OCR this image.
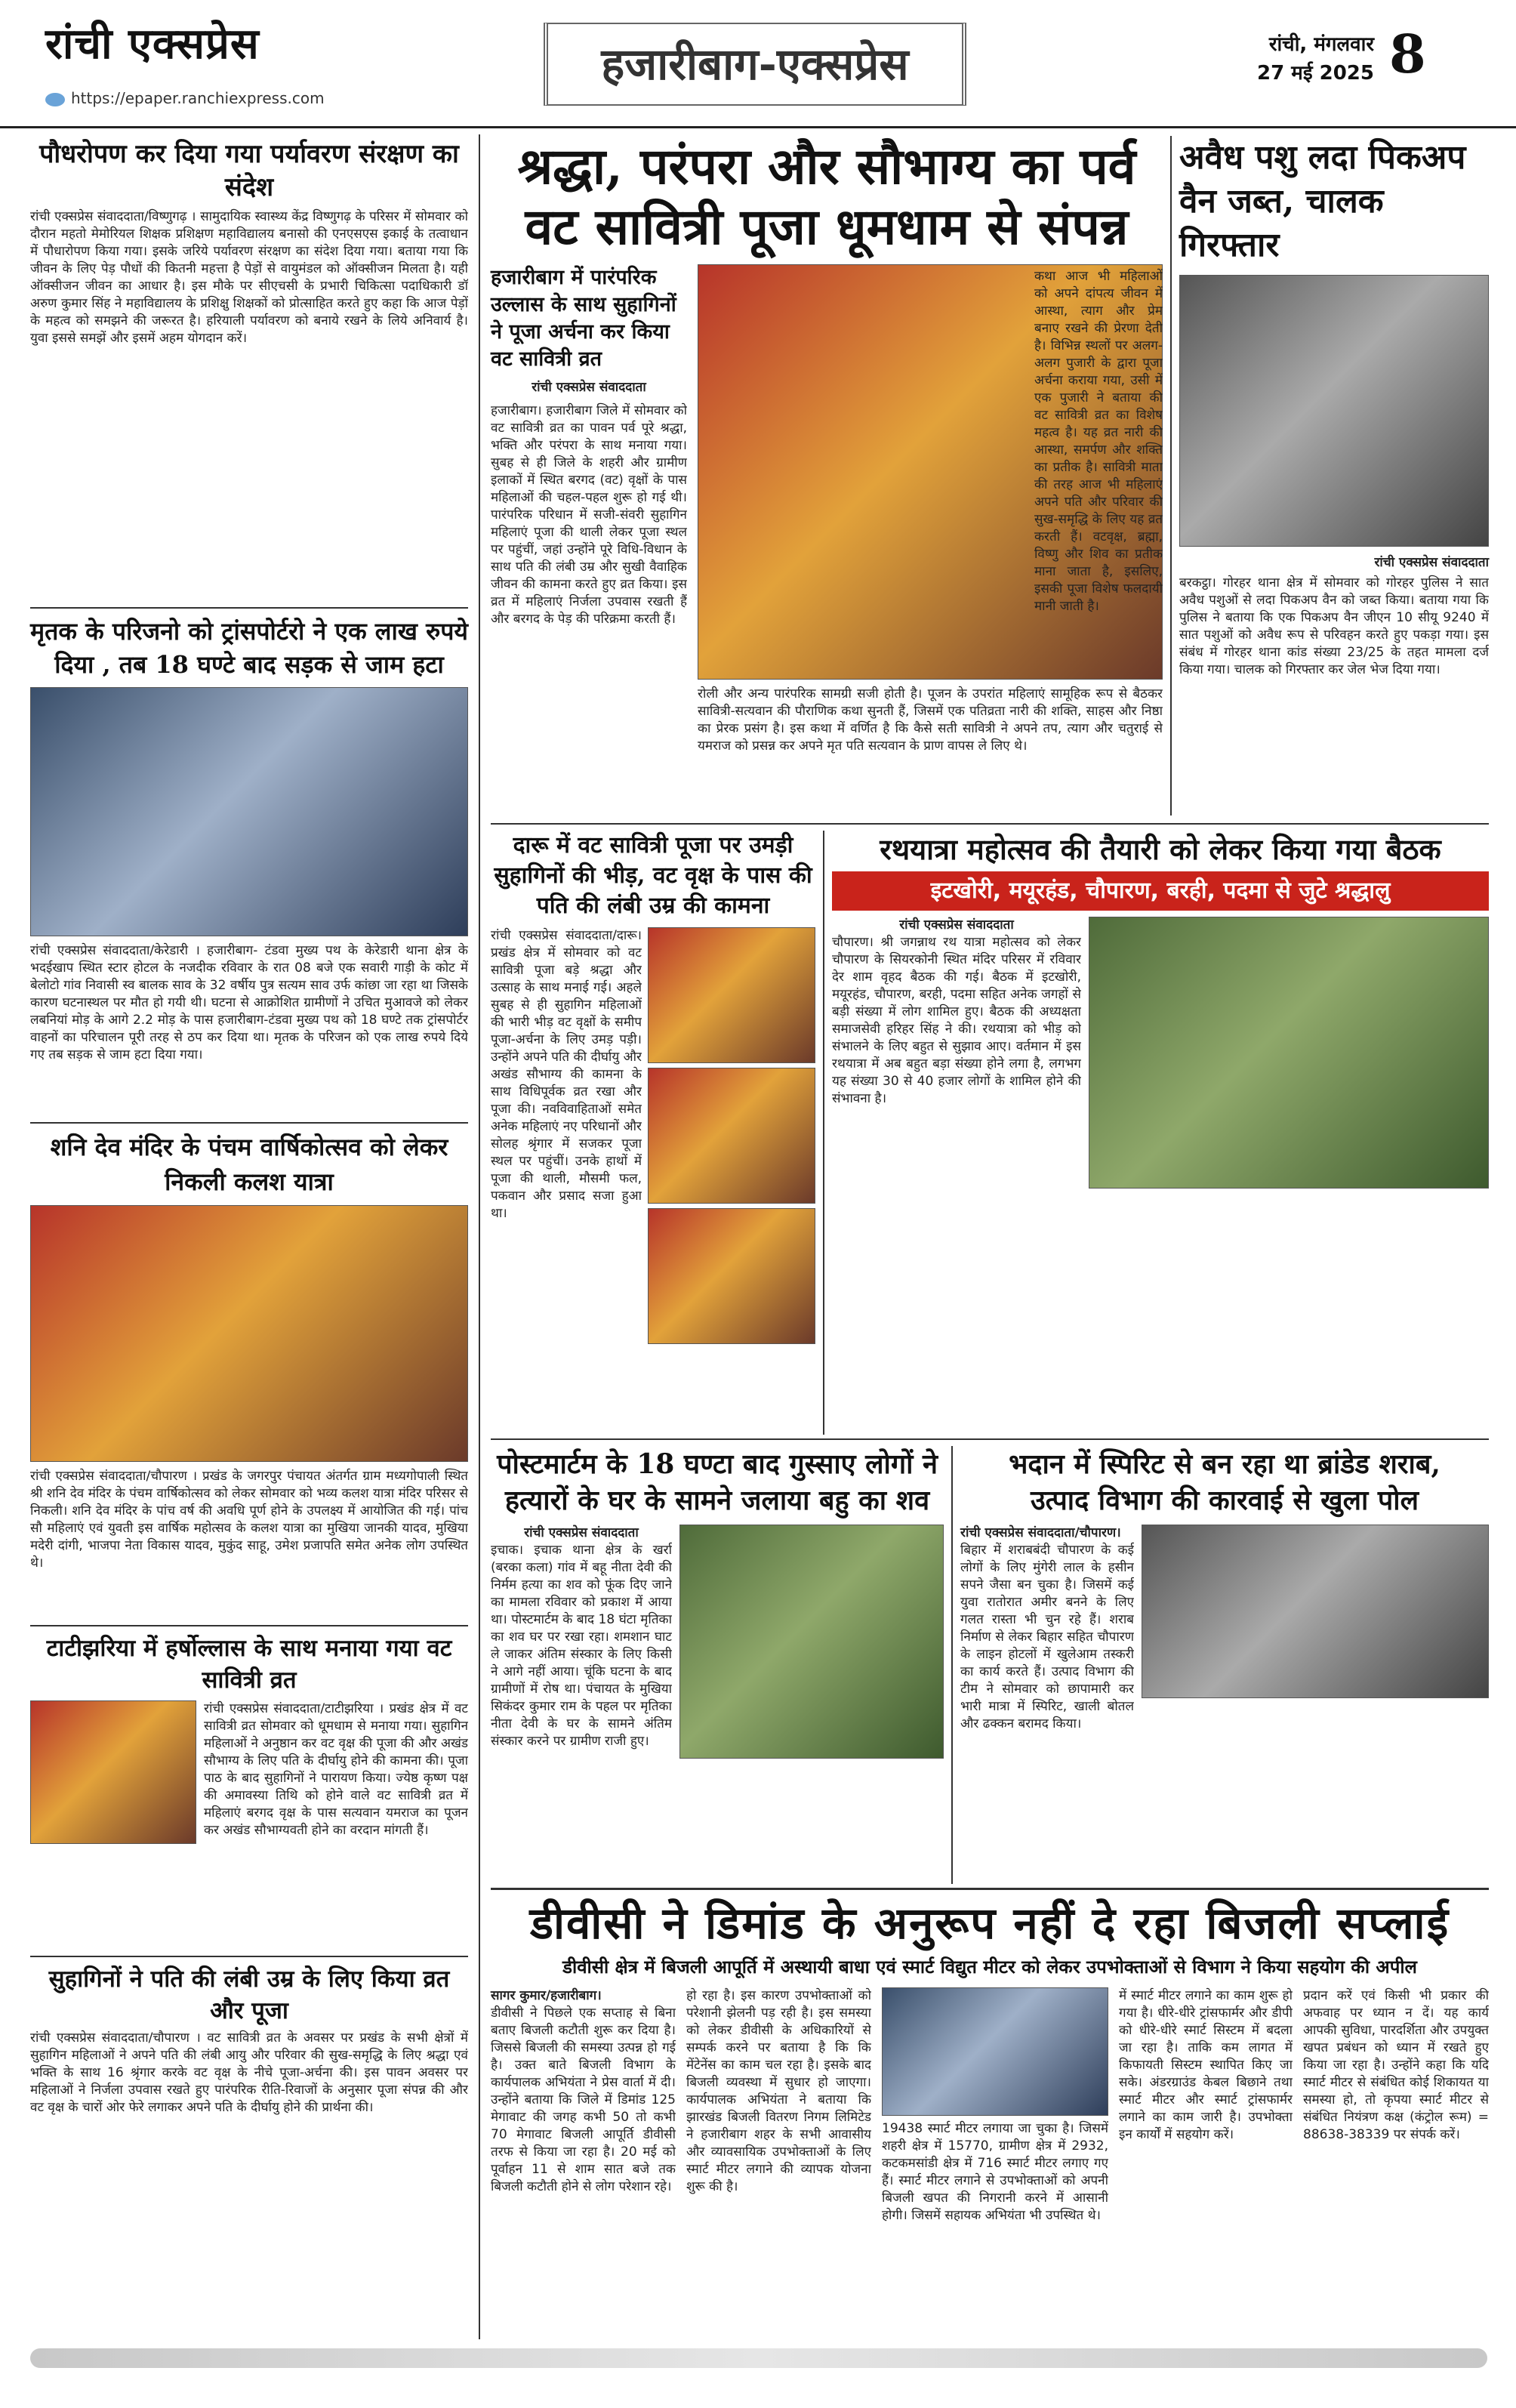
रांची एक्सप्रेस
https://epaper.ranchiexpress.com
हजारीबाग-एक्सप्रेस	रांची, मंगलवार
27 मई 2025 8
पौधरोपण कर दिया गया पर्यावरण संरक्षण का संदेश
रांची एक्सप्रेस संवाददाता/विष्णुगढ़ । सामुदायिक स्वास्थ्य केंद्र विष्णुगढ़ के परिसर में सोमवार को दौरान महतो मेमोरियल शिक्षक प्रशिक्षण महाविद्यालय बनासो की एनएसएस इकाई के तत्वाधान में पौधारोपण किया गया। इसके जरिये पर्यावरण संरक्षण का संदेश दिया गया। बताया गया कि जीवन के लिए पेड़ पौधों की कितनी महत्ता है पेड़ों से वायुमंडल को ऑक्सीजन मिलता है। यही ऑक्सीजन जीवन का आधार है। इस मौके पर सीएचसी के प्रभारी चिकित्सा पदाधिकारी डॉ अरुण कुमार सिंह ने महाविद्यालय के प्रशिक्षु शिक्षकों को प्रोत्साहित करते हुए कहा कि आज पेड़ों के महत्व को समझने की जरूरत है। हरियाली पर्यावरण को बनाये रखने के लिये अनिवार्य है। युवा इससे समझें और इसमें अहम योगदान करें।
मृतक के परिजनो को ट्रांसपोर्टरो ने एक लाख रुपये दिया , तब 18 घण्टे बाद सड़क से जाम हटा
रांची एक्सप्रेस संवाददाता/केरेडारी । हजारीबाग- टंडवा मुख्य पथ के केरेडारी थाना क्षेत्र के भदईखाप स्थित स्टार होटल के नजदीक रविवार के रात 08 बजे एक सवारी गाड़ी के कोट में बेलोटो गांव निवासी स्व बालक साव के 32 वर्षीय पुत्र सत्यम साव उर्फ कांछा जा रहा था जिसके कारण घटनास्थल पर मौत हो गयी थी। घटना से आक्रोशित ग्रामीणों ने उचित मुआवजे को लेकर लबनियां मोड़ के आगे 2.2 मोड़ के पास हजारीबाग-टंडवा मुख्य पथ को 18 घण्टे तक ट्रांसपोर्टर वाहनों का परिचालन पूरी तरह से ठप कर दिया था। मृतक के परिजन को एक लाख रुपये दिये गए तब सड़क से जाम हटा दिया गया।
शनि देव मंदिर के पंचम वार्षिकोत्सव को लेकर निकली कलश यात्रा
रांची एक्सप्रेस संवाददाता/चौपारण । प्रखंड के जगरपुर पंचायत अंतर्गत ग्राम मध्यगोपाली स्थित श्री शनि देव मंदिर के पंचम वार्षिकोत्सव को लेकर सोमवार को भव्य कलश यात्रा मंदिर परिसर से निकली। शनि देव मंदिर के पांच वर्ष की अवधि पूर्ण होने के उपलक्ष्य में आयोजित की गई। पांच सौ महिलाएं एवं युवती इस वार्षिक महोत्सव के कलश यात्रा का मुखिया जानकी यादव, मुखिया मदेरी दांगी, भाजपा नेता विकास यादव, मुकुंद साहू, उमेश प्रजापति समेत अनेक लोग उपस्थित थे।
टाटीझरिया में हर्षोल्लास के साथ मनाया गया वट सावित्री व्रत
रांची एक्सप्रेस संवाददाता/टाटीझरिया । प्रखंड क्षेत्र में वट सावित्री व्रत सोमवार को धूमधाम से मनाया गया। सुहागिन महिलाओं ने अनुष्ठान कर वट वृक्ष की पूजा की और अखंड सौभाग्य के लिए पति के दीर्घायु होने की कामना की। पूजा पाठ के बाद सुहागिनों ने पारायण किया। ज्येष्ठ कृष्ण पक्ष की अमावस्या तिथि को होने वाले वट सावित्री व्रत में महिलाएं बरगद वृक्ष के पास सत्यवान यमराज का पूजन कर अखंड सौभाग्यवती होने का वरदान मांगती हैं।
सुहागिनों ने पति की लंबी उम्र के लिए किया व्रत और पूजा
रांची एक्सप्रेस संवाददाता/चौपारण । वट सावित्री व्रत के अवसर पर प्रखंड के सभी क्षेत्रों में सुहागिन महिलाओं ने अपने पति की लंबी आयु और परिवार की सुख-समृद्धि के लिए श्रद्धा एवं भक्ति के साथ 16 श्रृंगार करके वट वृक्ष के नीचे पूजा-अर्चना की। इस पावन अवसर पर महिलाओं ने निर्जला उपवास रखते हुए पारंपरिक रीति-रिवाजों के अनुसार पूजा संपन्न की और वट वृक्ष के चारों ओर फेरे लगाकर अपने पति के दीर्घायु होने की प्रार्थना की।
श्रद्धा, परंपरा और सौभाग्य का पर्व
वट सावित्री पूजा धूमधाम से संपन्न
हजारीबाग में पारंपरिक उल्लास के साथ सुहागिनों ने पूजा अर्चना कर किया वट सावित्री व्रत
रांची एक्सप्रेस संवाददाता
हजारीबाग। हजारीबाग जिले में सोमवार को वट सावित्री व्रत का पावन पर्व पूरे श्रद्धा, भक्ति और परंपरा के साथ मनाया गया। सुबह से ही जिले के शहरी और ग्रामीण इलाकों में स्थित बरगद (वट) वृक्षों के पास महिलाओं की चहल-पहल शुरू हो गई थी। पारंपरिक परिधान में सजी-संवरी सुहागिन महिलाएं पूजा की थाली लेकर पूजा स्थल पर पहुंचीं, जहां उन्होंने पूरे विधि-विधान के साथ पति की लंबी उम्र और सुखी वैवाहिक जीवन की कामना करते हुए व्रत किया। इस व्रत में महिलाएं निर्जला उपवास रखती हैं और बरगद के पेड़ की परिक्रमा करती हैं।
रोली और अन्य पारंपरिक सामग्री सजी होती है। पूजन के उपरांत महिलाएं सामूहिक रूप से बैठकर सावित्री-सत्यवान की पौराणिक कथा सुनती हैं, जिसमें एक पतिव्रता नारी की शक्ति, साहस और निष्ठा का प्रेरक प्रसंग है। इस कथा में वर्णित है कि कैसे सती सावित्री ने अपने तप, त्याग और चतुराई से यमराज को प्रसन्न कर अपने मृत पति सत्यवान के प्राण वापस ले लिए थे।
कथा आज भी महिलाओं को अपने दांपत्य जीवन में आस्था, त्याग और प्रेम बनाए रखने की प्रेरणा देती है। विभिन्न स्थलों पर अलग-अलग पुजारी के द्वारा पूजा अर्चना कराया गया, उसी में एक पुजारी ने बताया की वट सावित्री व्रत का विशेष महत्व है। यह व्रत नारी की आस्था, समर्पण और शक्ति का प्रतीक है। सावित्री माता की तरह आज भी महिलाएं अपने पति और परिवार की सुख-समृद्धि के लिए यह व्रत करती हैं। वटवृक्ष, ब्रह्मा, विष्णु और शिव का प्रतीक माना जाता है, इसलिए, इसकी पूजा विशेष फलदायी मानी जाती है।
अवैध पशु लदा पिकअप
वैन जब्त, चालक गिरफ्तार
रांची एक्सप्रेस संवाददाता
बरकट्ठा। गोरहर थाना क्षेत्र में सोमवार को गोरहर पुलिस ने सात अवैध पशुओं से लदा पिकअप वैन को जब्त किया। बताया गया कि पुलिस ने बताया कि एक पिकअप वैन जीएन 10 सीयू 9240 में सात पशुओं को अवैध रूप से परिवहन करते हुए पकड़ा गया। इस संबंध में गोरहर थाना कांड संख्या 23/25 के तहत मामला दर्ज किया गया। चालक को गिरफ्तार कर जेल भेज दिया गया।
दारू में वट सावित्री पूजा पर उमड़ी सुहागिनों की भीड़, वट वृक्ष के पास की पति की लंबी उम्र की कामना
रांची एक्सप्रेस संवाददाता/दारू। प्रखंड क्षेत्र में सोमवार को वट सावित्री पूजा बड़े श्रद्धा और उत्साह के साथ मनाई गई। अहले सुबह से ही सुहागिन महिलाओं की भारी भीड़ वट वृक्षों के समीप पूजा-अर्चना के लिए उमड़ पड़ी। उन्होंने अपने पति की दीर्घायु और अखंड सौभाग्य की कामना के साथ विधिपूर्वक व्रत रखा और पूजा की। नवविवाहिताओं समेत अनेक महिलाएं नए परिधानों और सोलह श्रृंगार में सजकर पूजा स्थल पर पहुंचीं। उनके हाथों में पूजा की थाली, मौसमी फल, पकवान और प्रसाद सजा हुआ था।
रथयात्रा महोत्सव की तैयारी को लेकर किया गया बैठक
इटखोरी, मयूरहंड, चौपारण, बरही, पदमा से जुटे श्रद्धालु
रांची एक्सप्रेस संवाददाता
चौपारण। श्री जगन्नाथ रथ यात्रा महोत्सव को लेकर चौपारण के सियरकोनी स्थित मंदिर परिसर में रविवार देर शाम वृहद बैठक की गई। बैठक में इटखोरी, मयूरहंड, चौपारण, बरही, पदमा सहित अनेक जगहों से बड़ी संख्या में लोग शामिल हुए। बैठक की अध्यक्षता समाजसेवी हरिहर सिंह ने की। रथयात्रा को भीड़ को संभालने के लिए बहुत से सुझाव आए। वर्तमान में इस रथयात्रा में अब बहुत बड़ा संख्या होने लगा है, लगभग यह संख्या 30 से 40 हजार लोगों के शामिल होने की संभावना है।
पोस्टमार्टम के 18 घण्टा बाद गुस्साए लोगों ने हत्यारों के घर के सामने जलाया बहु का शव
रांची एक्सप्रेस संवाददाता
इचाक। इचाक थाना क्षेत्र के खर्रा (बरका कला) गांव में बहू नीता देवी की निर्मम हत्या का शव को फूंक दिए जाने का मामला रविवार को प्रकाश में आया था। पोस्टमार्टम के बाद 18 घंटा मृतिका का शव घर पर रखा रहा। शमशान घाट ले जाकर अंतिम संस्कार के लिए किसी ने आगे नहीं आया। चूंकि घटना के बाद ग्रामीणों में रोष था। पंचायत के मुखिया सिकंदर कुमार राम के पहल पर मृतिका नीता देवी के घर के सामने अंतिम संस्कार करने पर ग्रामीण राजी हुए।
भदान में स्पिरिट से बन रहा था ब्रांडेड शराब,
उत्पाद विभाग की कारवाई से खुला पोल
रांची एक्सप्रेस संवाददाता/चौपारण।
बिहार में शराबबंदी चौपारण के कई लोगों के लिए मुंगेरी लाल के हसीन सपने जैसा बन चुका है। जिसमें कई युवा रातोरात अमीर बनने के लिए गलत रास्ता भी चुन रहे हैं। शराब निर्माण से लेकर बिहार सहित चौपारण के लाइन होटलों में खुलेआम तस्करी का कार्य करते हैं। उत्पाद विभाग की टीम ने सोमवार को छापामारी कर भारी मात्रा में स्पिरिट, खाली बोतल और ढक्कन बरामद किया।
डीवीसी ने डिमांड के अनुरूप नहीं दे रहा बिजली सप्लाई
डीवीसी क्षेत्र में बिजली आपूर्ति में अस्थायी बाधा एवं स्मार्ट विद्युत मीटर को लेकर उपभोक्ताओं से विभाग ने किया सहयोग की अपील
सागर कुमार/हजारीबाग।
डीवीसी ने पिछले एक सप्ताह से बिना बताए बिजली कटौती शुरू कर दिया है। जिससे बिजली की समस्या उत्पन्न हो गई है। उक्त बाते बिजली विभाग के कार्यपालक अभियंता ने प्रेस वार्ता में दी। उन्होंने बताया कि जिले में डिमांड 125 मेगावाट की जगह कभी 50 तो कभी 70 मेगावाट बिजली आपूर्ति डीवीसी तरफ से किया जा रहा है। 20 मई को पूर्वाहन 11 से शाम सात बजे तक बिजली कटौती होने से लोग परेशान रहे।
हो रहा है। इस कारण उपभोक्ताओं को परेशानी झेलनी पड़ रही है। इस समस्या को लेकर डीवीसी के अधिकारियों से सम्पर्क करने पर बताया है कि कि मेंटेनेंस का काम चल रहा है। इसके बाद बिजली व्यवस्था में सुधार हो जाएगा। कार्यपालक अभियंता ने बताया कि झारखंड बिजली वितरण निगम लिमिटेड ने हजारीबाग शहर के सभी आवासीय और व्यावसायिक उपभोक्ताओं के लिए स्मार्ट मीटर लगाने की व्यापक योजना शुरू की है।
19438 स्मार्ट मीटर लगाया जा चुका है। जिसमें शहरी क्षेत्र में 15770, ग्रामीण क्षेत्र में 2932, कटकमसांडी क्षेत्र में 716 स्मार्ट मीटर लगाए गए हैं। स्मार्ट मीटर लगाने से उपभोक्ताओं को अपनी बिजली खपत की निगरानी करने में आसानी होगी। जिसमें सहायक अभियंता भी उपस्थित थे।
में स्मार्ट मीटर लगाने का काम शुरू हो गया है। धीरे-धीरे ट्रांसफार्मर और डीपी को धीरे-धीरे स्मार्ट सिस्टम में बदला जा रहा है। ताकि कम लागत में किफायती सिस्टम स्थापित किए जा सके। अंडरग्राउंड केबल बिछाने तथा स्मार्ट मीटर और स्मार्ट ट्रांसफार्मर लगाने का काम जारी है। उपभोक्ता इन कार्यों में सहयोग करें।
प्रदान करें एवं किसी भी प्रकार की अफवाह पर ध्यान न दें। यह कार्य आपकी सुविधा, पारदर्शिता और उपयुक्त खपत प्रबंधन को ध्यान में रखते हुए किया जा रहा है। उन्होंने कहा कि यदि स्मार्ट मीटर से संबंधित कोई शिकायत या समस्या हो, तो कृपया स्मार्ट मीटर से संबंधित नियंत्रण कक्ष (कंट्रोल रूम) = 88638-38339 पर संपर्क करें।
